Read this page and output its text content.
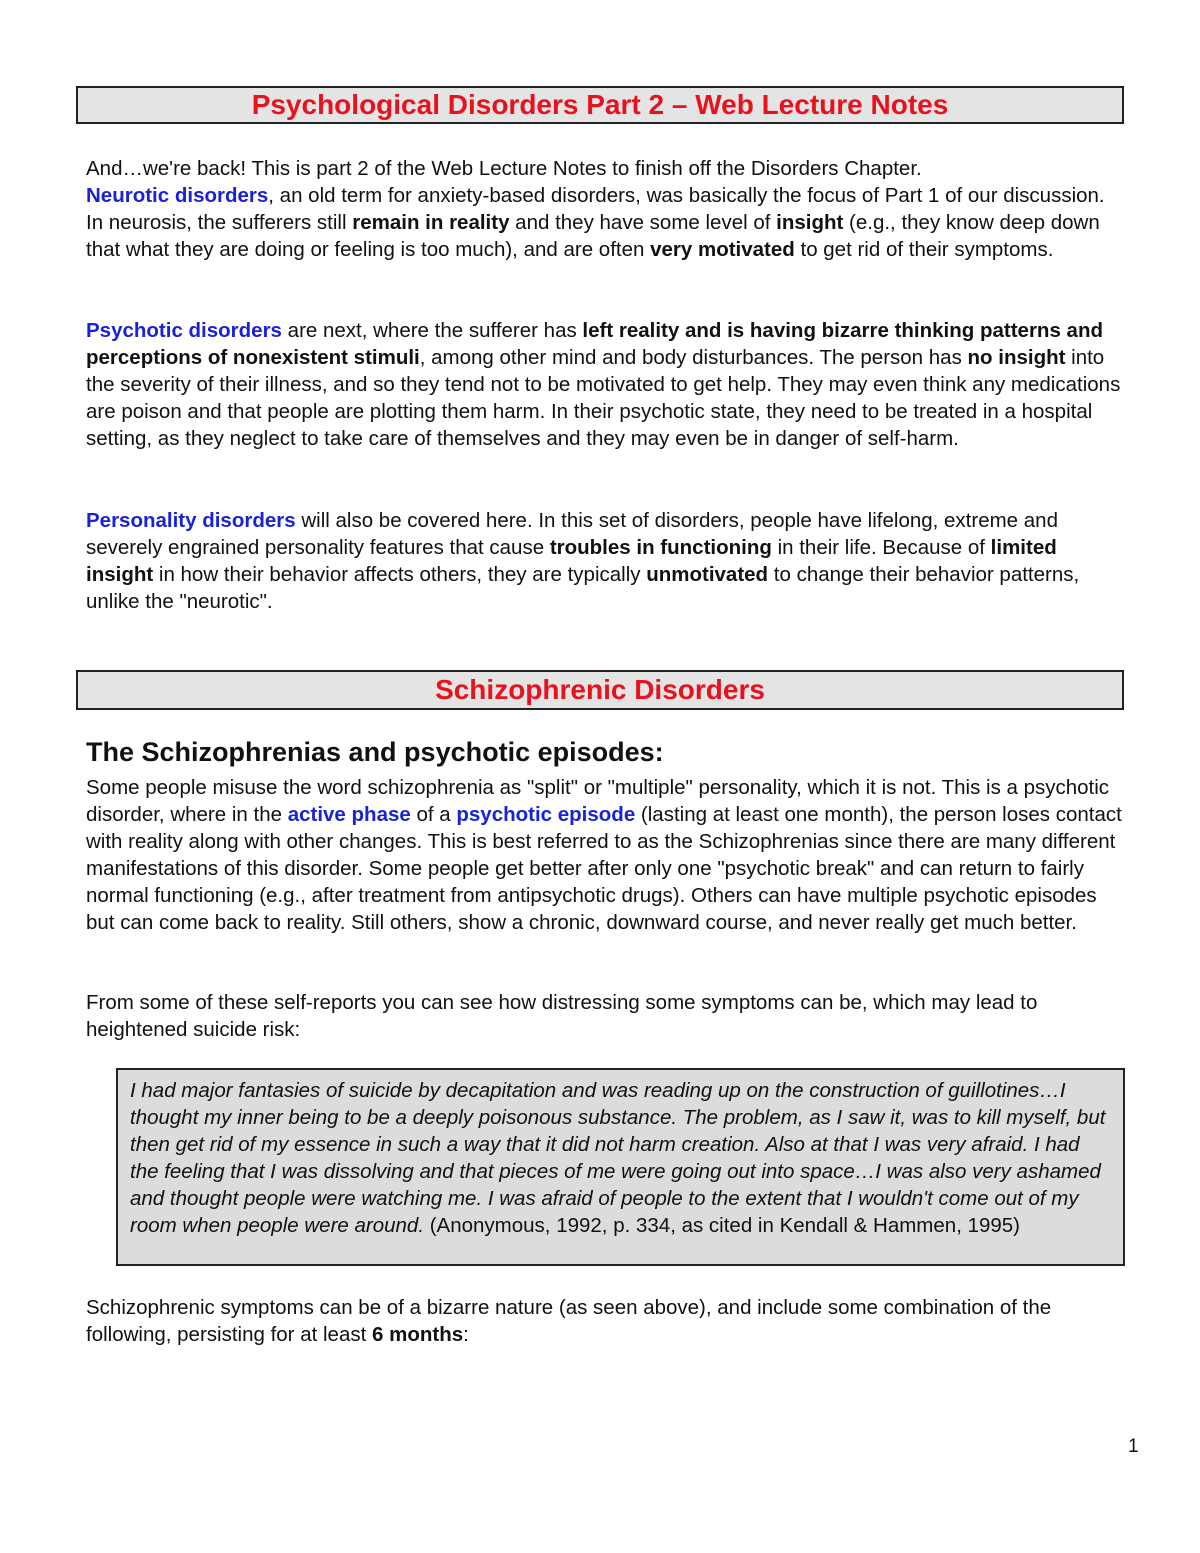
Psychological Disorders Part 2 – Web Lecture Notes

And…we're back! This is part 2 of the Web Lecture Notes to finish off the Disorders Chapter.
Neurotic disorders, an old term for anxiety-based disorders, was basically the focus of Part 1 of our discussion. In neurosis, the sufferers still remain in reality and they have some level of insight (e.g., they know deep down that what they are doing or feeling is too much), and are often very motivated to get rid of their symptoms.

Psychotic disorders are next, where the sufferer has left reality and is having bizarre thinking patterns and perceptions of nonexistent stimuli, among other mind and body disturbances. The person has no insight into the severity of their illness, and so they tend not to be motivated to get help. They may even think any medications are poison and that people are plotting them harm. In their psychotic state, they need to be treated in a hospital setting, as they neglect to take care of themselves and they may even be in danger of self-harm.

Personality disorders will also be covered here. In this set of disorders, people have lifelong, extreme and severely engrained personality features that cause troubles in functioning in their life. Because of limited insight in how their behavior affects others, they are typically unmotivated to change their behavior patterns, unlike the "neurotic".

Schizophrenic Disorders
The Schizophrenias and psychotic episodes:

Some people misuse the word schizophrenia as "split" or "multiple" personality, which it is not. This is a psychotic disorder, where in the active phase of a psychotic episode (lasting at least one month), the person loses contact with reality along with other changes. This is best referred to as the Schizophrenias since there are many different manifestations of this disorder. Some people get better after only one "psychotic break" and can return to fairly normal functioning (e.g., after treatment from antipsychotic drugs). Others can have multiple psychotic episodes but can come back to reality. Still others, show a chronic, downward course, and never really get much better.

From some of these self-reports you can see how distressing some symptoms can be, which may lead to heightened suicide risk:

I had major fantasies of suicide by decapitation and was reading up on the construction of guillotines…I thought my inner being to be a deeply poisonous substance. The problem, as I saw it, was to kill myself, but then get rid of my essence in such a way that it did not harm creation. Also at that I was very afraid. I had the feeling that I was dissolving and that pieces of me were going out into space…I was also very ashamed and thought people were watching me. I was afraid of people to the extent that I wouldn't come out of my room when people were around. (Anonymous, 1992, p. 334, as cited in Kendall & Hammen, 1995)

Schizophrenic symptoms can be of a bizarre nature (as seen above), and include some combination of the following, persisting for at least 6 months:

1
